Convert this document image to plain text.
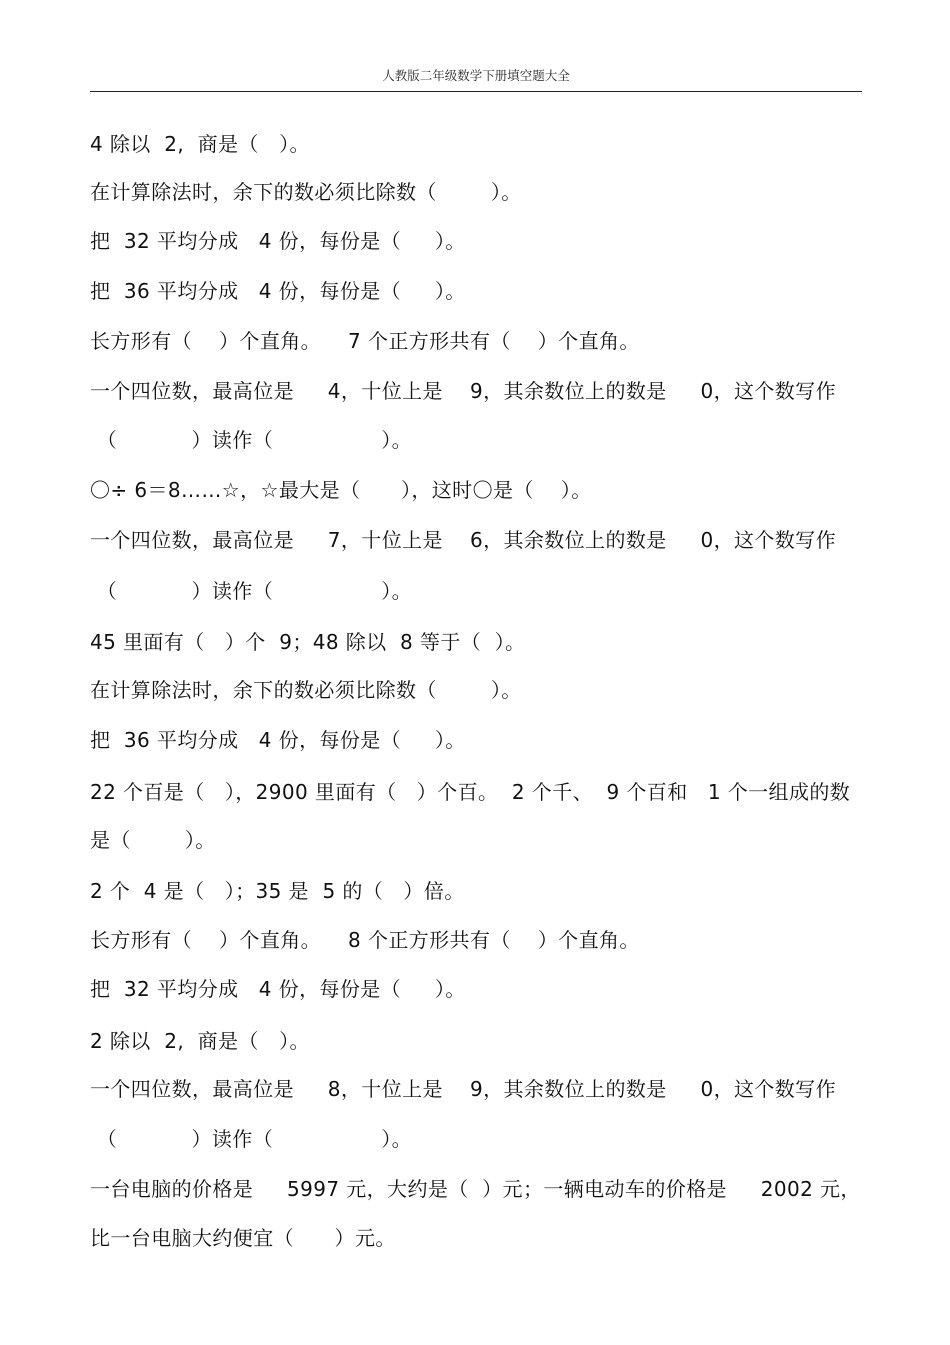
人教版二年级数学下册填空题大全
4 除以  2,  商是（   ）。
在计算除法时，余下的数必须比除数（        ）。
把  32 平均分成   4 份，每份是（     ）。
把  36 平均分成   4 份，每份是（     ）。
长方形有（    ）个直角。    7 个正方形共有（    ）个直角。
一个四位数，最高位是     4，十位上是    9，其余数位上的数是     0，这个数写作
（           ）读作（                ）。
〇÷ 6＝8……☆，☆最大是（      ），这时〇是（    ）。
一个四位数，最高位是     7，十位上是    6，其余数位上的数是     0，这个数写作
（           ）读作（                ）。
45 里面有（   ）个  9；48 除以  8 等于（  ）。
在计算除法时，余下的数必须比除数（        ）。
把  36 平均分成   4 份，每份是（     ）。
22 个百是（   ），2900 里面有（   ）个百。  2 个千、  9 个百和   1 个一组成的数
是（        ）。
2 个  4 是（   ）；35 是  5 的（   ）倍。
长方形有（    ）个直角。    8 个正方形共有（    ）个直角。
把  32 平均分成   4 份，每份是（     ）。
2 除以  2,  商是（   ）。
一个四位数，最高位是     8，十位上是    9，其余数位上的数是     0，这个数写作
（           ）读作（                ）。
一台电脑的价格是     5997 元，大约是（  ）元；一辆电动车的价格是     2002 元，
比一台电脑大约便宜（      ）元。
